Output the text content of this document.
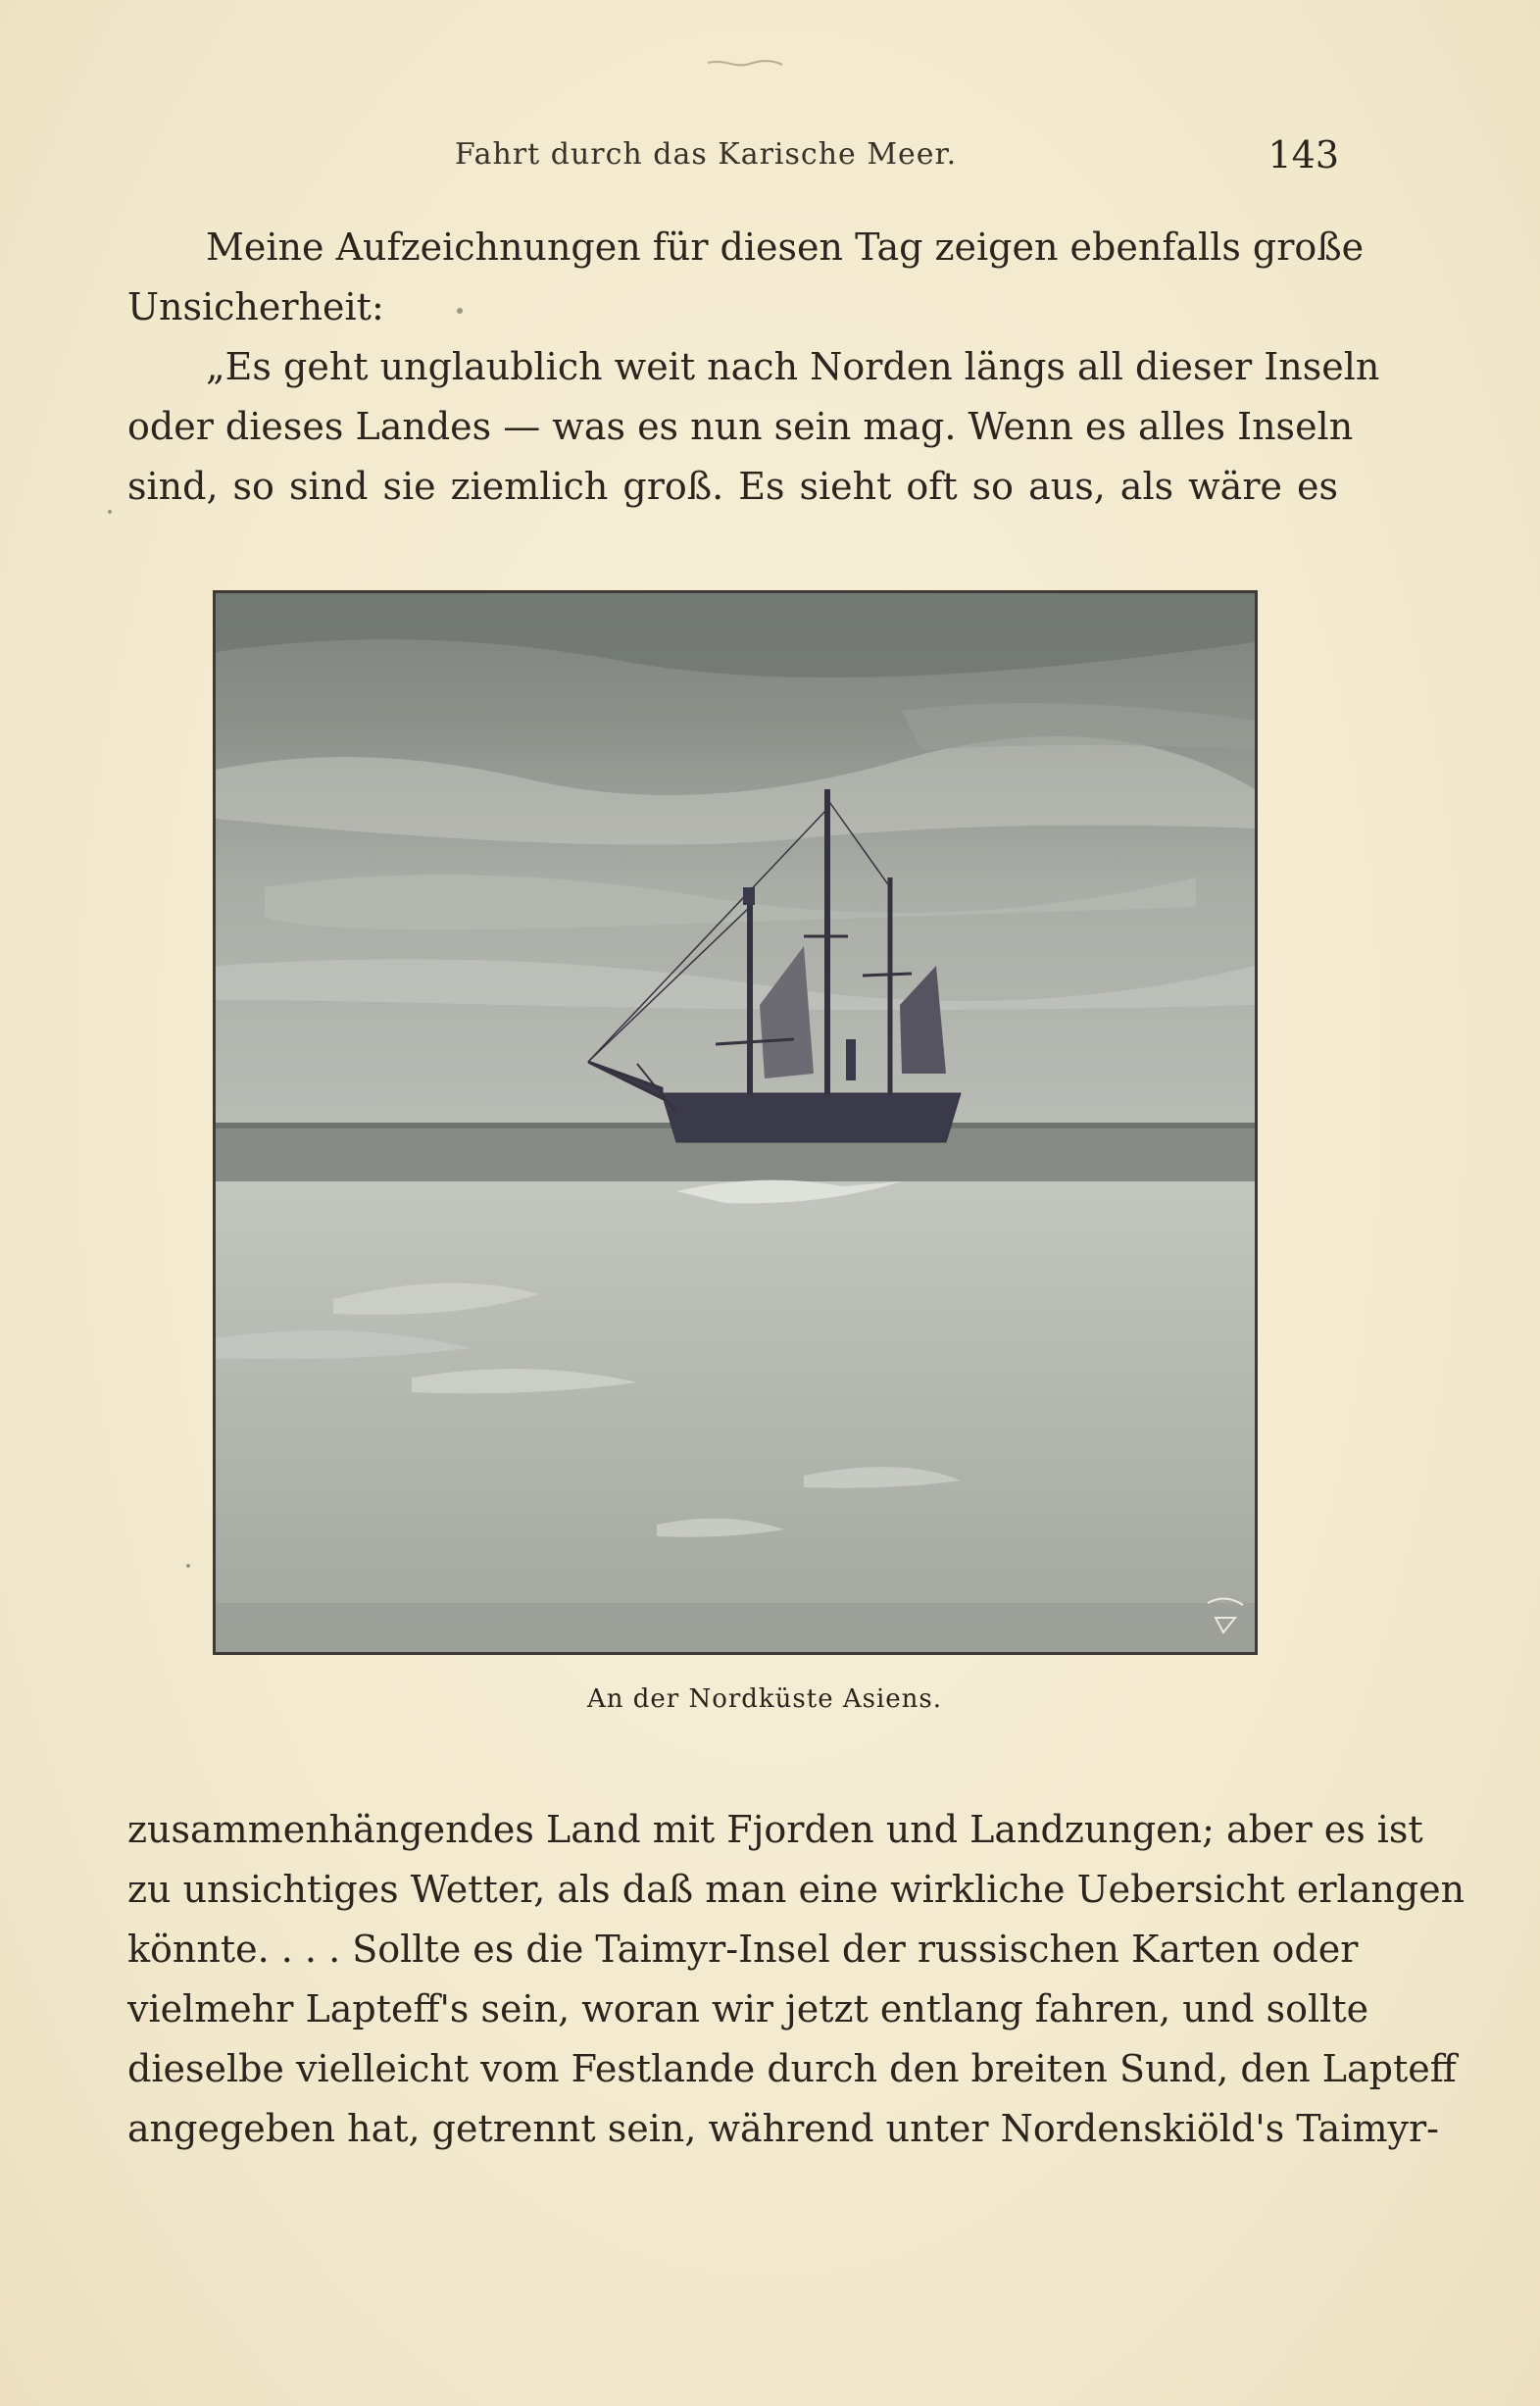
Fahrt durch das Karische Meer.	143

Meine Aufzeichnungen für diesen Tag zeigen ebenfalls große
Unsicherheit:

„Es geht unglaublich weit nach Norden längs all dieser Inseln
oder dieses Landes — was es nun sein mag. Wenn es alles Inseln
sind, so sind sie ziemlich groß. Es sieht oft so aus, als wäre es

An der Nordküste Asiens.

zusammenhängendes Land mit Fjorden und Landzungen; aber es ist
zu unsichtiges Wetter, als daß man eine wirkliche Uebersicht erlangen
könnte. . . . Sollte es die Taimyr-Insel der russischen Karten oder
vielmehr Lapteff's sein, woran wir jetzt entlang fahren, und sollte
dieselbe vielleicht vom Festlande durch den breiten Sund, den Lapteff
angegeben hat, getrennt sein, während unter Nordenskiöld's Taimyr-
